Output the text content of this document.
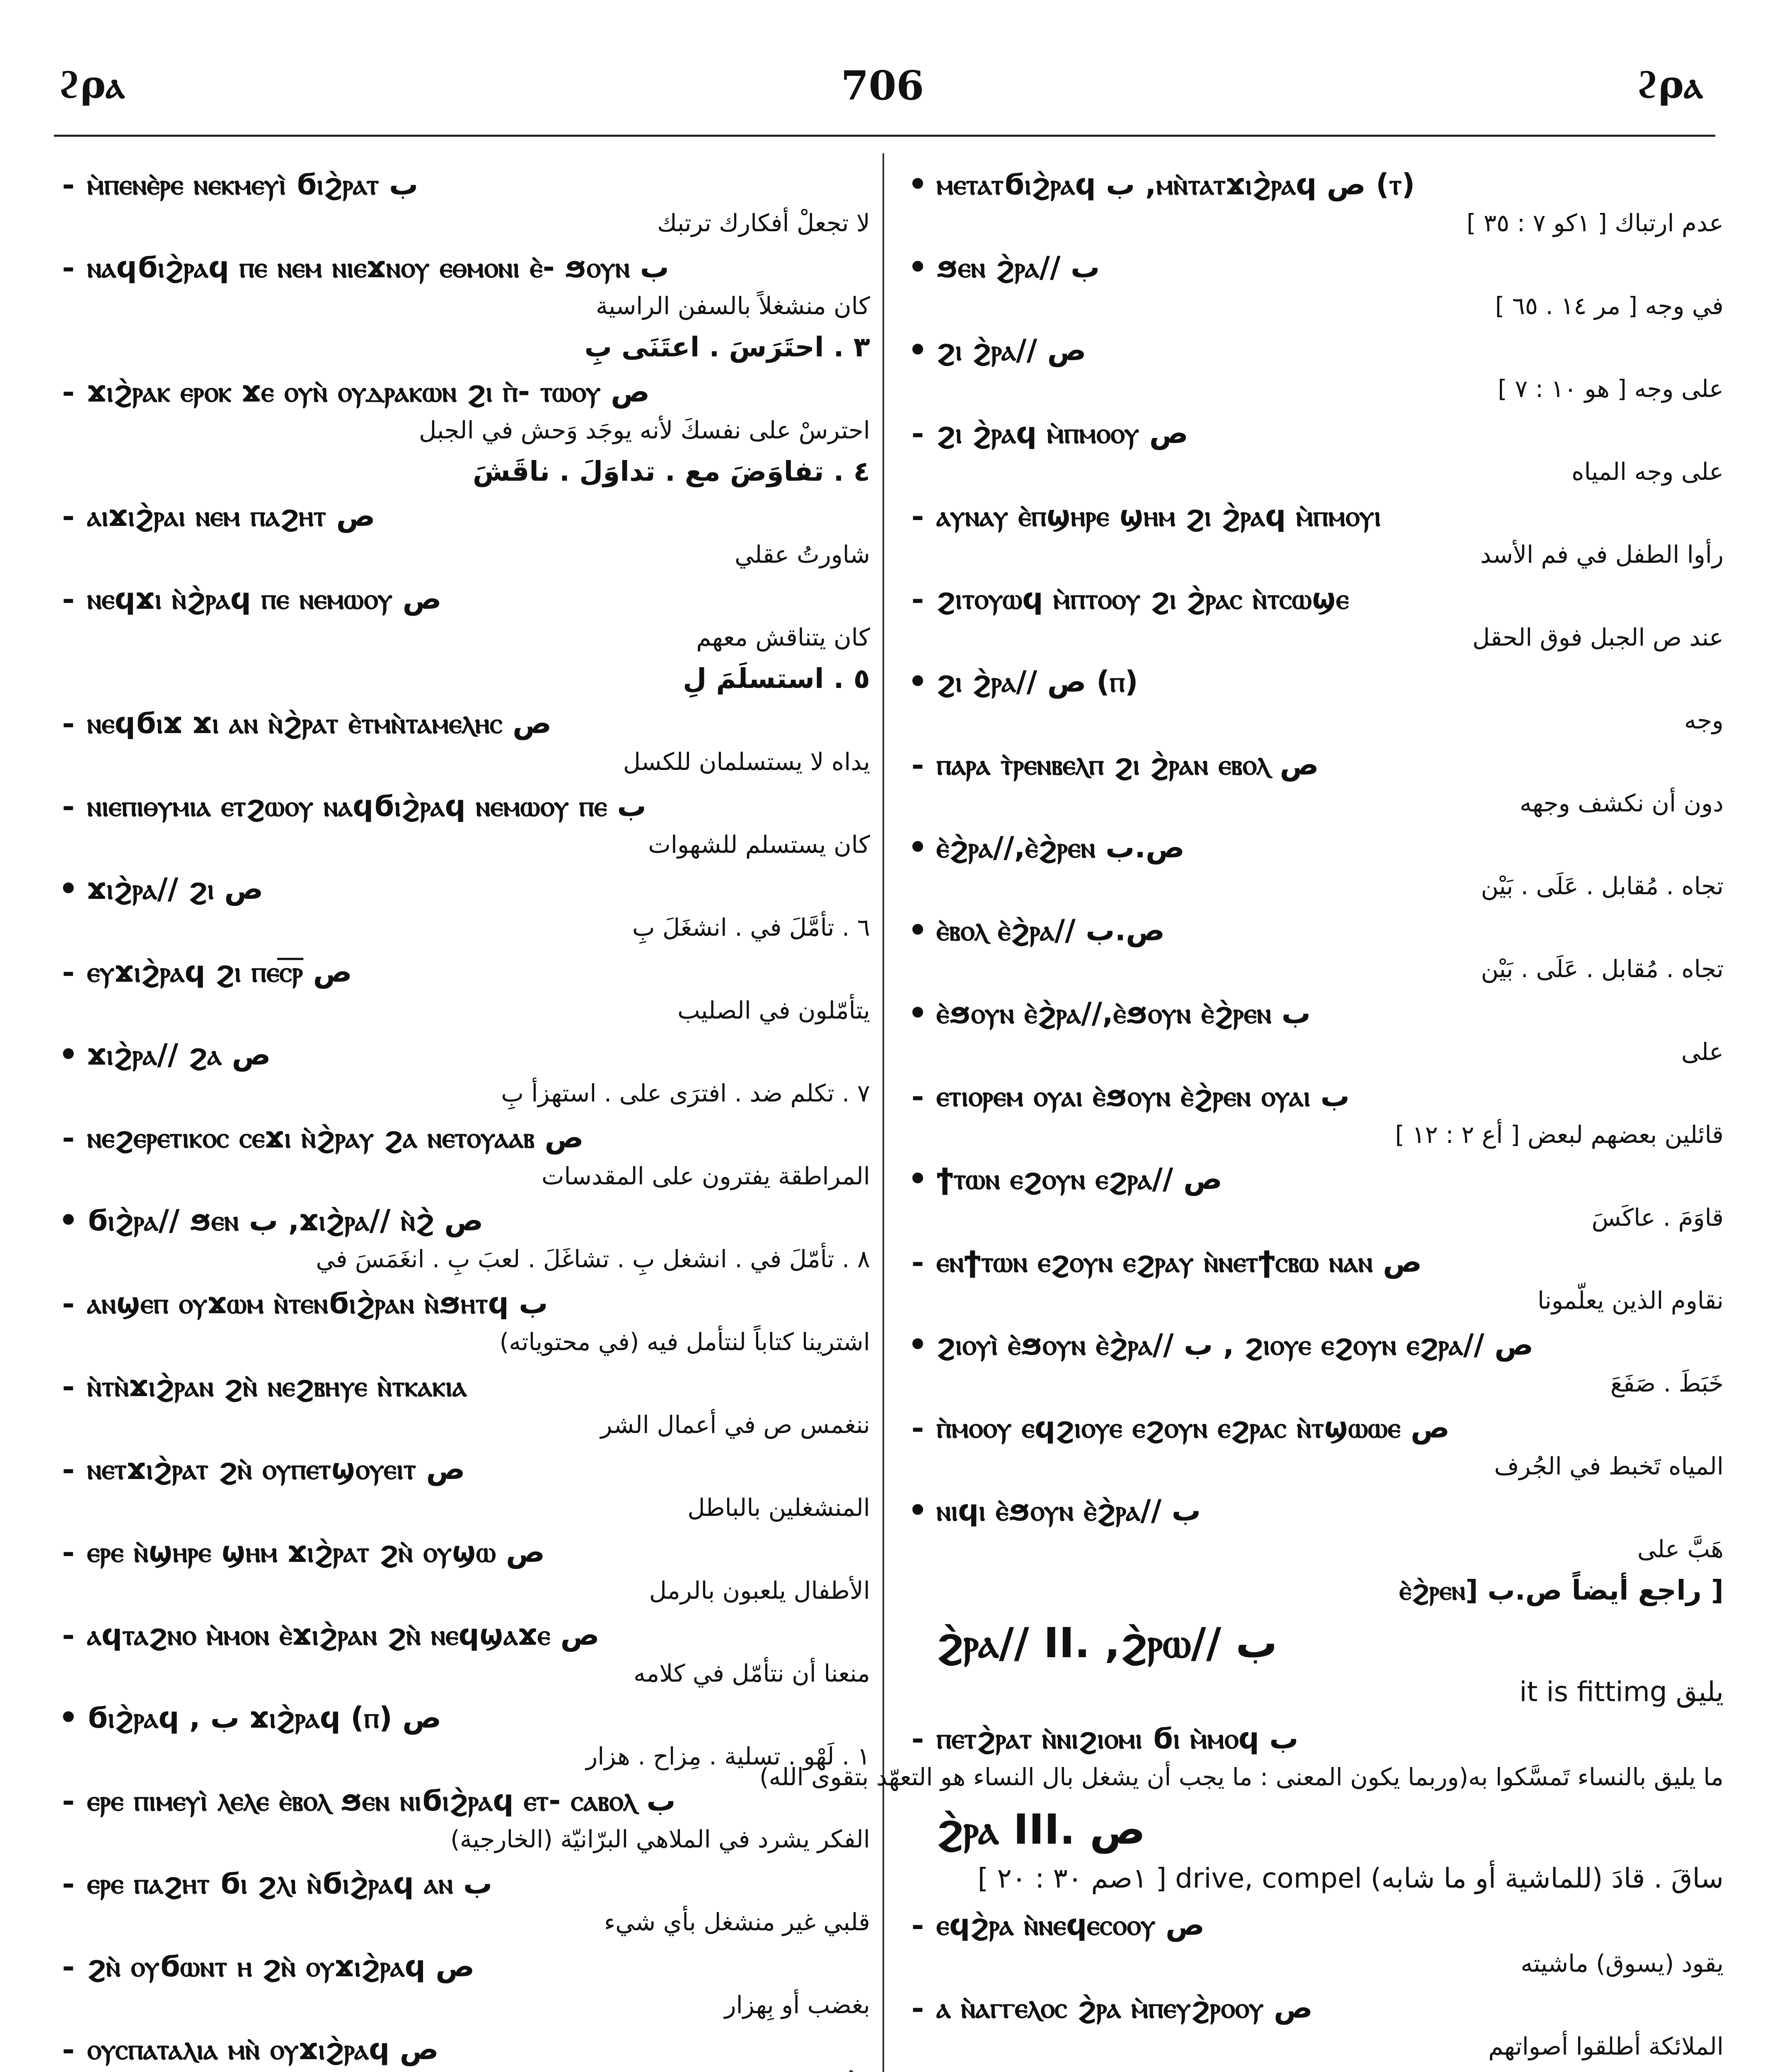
ϩρⲁ	706	ϩρⲁ
- ⲙ̀ⲡⲉⲛⲉ̀ⲣⲉ ⲛⲉⲕⲙⲉⲩⲓ̀ ϭⲓϩ̀ⲣⲁⲧ ب
لا تجعلْ أفكارك ترتبك
- ⲛⲁϥϭⲓϩ̀ⲣⲁϥ ⲡⲉ ⲛⲉⲙ ⲛⲓⲉϫⲛⲟⲩ ⲉⲑⲙⲟⲛⲓ ⲉ̀- ϧⲟⲩⲛ ب
كان منشغلاً بالسفن الراسية
٣ . احتَرَسَ . اعتَنَى بِ
- ϫⲓϩ̀ⲣⲁⲕ ⲉⲣⲟⲕ ϫⲉ ⲟⲩⲛ̀ ⲟⲩⲇⲣⲁⲕⲱⲛ ϩⲓ ⲡ̀- ⲧⲱⲟⲩ ص
احترسْ على نفسكَ لأنه يوجَد وَحش في الجبل
٤ . تفاوَضَ مع . تداوَلَ . ناقَشَ
- ⲁⲓϫⲓϩ̀ⲣⲁⲓ ⲛⲉⲙ ⲡⲁϩⲏⲧ ص
شاورتُ عقلي
- ⲛⲉϥϫⲓ ⲛ̀ϩ̀ⲣⲁϥ ⲡⲉ ⲛⲉⲙⲱⲟⲩ ص
كان يتناقش معهم
٥ . استسلَمَ لِ
- ⲛⲉϥϭⲓϫ ϫⲓ ⲁⲛ ⲛ̀ϩ̀ⲣⲁⲧ ⲉ̀ⲧⲙⲛ̀ⲧⲁⲙⲉⲗⲏⲥ ص
يداه لا يستسلمان للكسل
- ⲛⲓⲉⲡⲓⲑⲩⲙⲓⲁ ⲉⲧϩⲱⲟⲩ ⲛⲁϥϭⲓϩ̀ⲣⲁϥ ⲛⲉⲙⲱⲟⲩ ⲡⲉ ب
كان يستسلم للشهوات
• ϫⲓϩ̀ⲣⲁ// ϩⲓ ص
٦ . تأمَّلَ في . انشغَلَ بِ
- ⲉⲩϫⲓϩ̀ⲣⲁϥ ϩⲓ ⲡⲉⲥ̅ⲣ̅ ص
يتأمّلون في الصليب
• ϫⲓϩ̀ⲣⲁ// ϩⲁ ص
٧ . تكلم ضد . افترَى على . استهزأ بِ
- ⲛⲉϩⲉⲣⲉⲧⲓⲕⲟⲥ ⲥⲉϫⲓ ⲛ̀ϩ̀ⲣⲁⲩ ϩⲁ ⲛⲉⲧⲟⲩⲁⲁⲃ ص
المراطقة يفترون على المقدسات
• ϭⲓϩ̀ⲣⲁ// ϧⲉⲛ ب ,ϫⲓϩ̀ⲣⲁ// ⲛ̀ϩ̀ ص
٨ . تأمّلَ في . انشغل بِ . تشاغَلَ . لعبَ بِ . انغَمَسَ في
- ⲁⲛϣⲉⲡ ⲟⲩϫⲱⲙ ⲛ̀ⲧⲉⲛϭⲓϩ̀ⲣⲁⲛ ⲛ̀ϧⲏⲧϥ ب
اشترينا كتاباً لنتأمل فيه (في محتوياته)
- ⲛ̀ⲧⲛ̀ϫⲓϩ̀ⲣⲁⲛ ϩⲛ̀ ⲛⲉϩⲃⲏⲩⲉ ⲛ̀ⲧⲕⲁⲕⲓⲁ
ننغمس ص في أعمال الشر
- ⲛⲉⲧϫⲓϩ̀ⲣⲁⲧ ϩⲛ̀ ⲟⲩⲡⲉⲧϣⲟⲩⲉⲓⲧ ص
المنشغلين بالباطل
- ⲉⲣⲉ ⲛ̀ϣⲏⲣⲉ ϣⲏⲙ ϫⲓϩ̀ⲣⲁⲧ ϩⲛ̀ ⲟⲩϣⲱ ص
الأطفال يلعبون بالرمل
- ⲁϥⲧⲁϩⲛⲟ ⲙ̀ⲙⲟⲛ ⲉ̀ϫⲓϩ̀ⲣⲁⲛ ϩⲛ̀ ⲛⲉϥϣⲁϫⲉ ص
منعنا أن نتأمّل في كلامه
• ϭⲓϩ̀ⲣⲁϥ , ب ϫⲓϩ̀ⲣⲁϥ (ⲡ) ص
١ . لَهْو . تسلية . مِزاح . هزار
- ⲉⲣⲉ ⲡⲓⲙⲉⲩⲓ̀ ⲗⲉⲗⲉ ⲉ̀ⲃⲟⲗ ϧⲉⲛ ⲛⲓϭⲓϩ̀ⲣⲁϥ ⲉⲧ- ⲥⲁⲃⲟⲗ ب
الفكر يشرد في الملاهي البرّانيّة (الخارجية)
- ⲉⲣⲉ ⲡⲁϩⲏⲧ ϭⲓ ϩⲗⲓ ⲛ̀ϭⲓϩ̀ⲣⲁϥ ⲁⲛ ب
قلبي غير منشغل بأي شيء
- ϩⲛ̀ ⲟⲩϭⲱⲛⲧ ⲏ ϩⲛ̀ ⲟⲩϫⲓϩ̀ⲣⲁϥ ص
بغضب أو بِهزار
- ⲟⲩⲥⲡⲁⲧⲁⲗⲓⲁ ⲙⲛ̀ ⲟⲩϫⲓϩ̀ⲣⲁϥ ص
• ⲙⲉⲧⲁⲧϭⲓϩ̀ⲣⲁϥ ب ,ⲙⲛ̀ⲧⲁⲧϫⲓϩ̀ⲣⲁϥ ص (ⲧ)
عدم ارتباك [ ١كو ٧ : ٣٥ ]
• ϧⲉⲛ ϩ̀ⲣⲁ// ب
في وجه [ مر ١٤ . ٦٥ ]
• ϩⲓ ϩ̀ⲣⲁ// ص
على وجه [ هو ١٠ : ٧ ]
- ϩⲓ ϩ̀ⲣⲁϥ ⲙ̀ⲡⲙⲟⲟⲩ ص
على وجه المياه
- ⲁⲩⲛⲁⲩ ⲉ̀ⲡϣⲏⲣⲉ ϣⲏⲙ ϩⲓ ϩ̀ⲣⲁϥ ⲙ̀ⲡⲙⲟⲩⲓ
رأوا الطفل في فم الأسد
- ϩⲓⲧⲟⲩⲱϥ ⲙ̀ⲡⲧⲟⲟⲩ ϩⲓ ϩ̀ⲣⲁⲥ ⲛ̀ⲧⲥⲱϣⲉ
عند ص الجبل فوق الحقل
• ϩⲓ ϩ̀ⲣⲁ// ص (ⲡ)
وجه
- ⲡⲁⲣⲁ ⲧ̀ⲣⲉⲛⲃⲉⲗⲡ ϩⲓ ϩ̀ⲣⲁⲛ ⲉⲃⲟⲗ ص
دون أن نكشف وجهه
• ⲉ̀ϩ̀ⲣⲁ//,ⲉ̀ϩ̀ⲣⲉⲛ ص.ب
تجاه . مُقابل . عَلَى . بَيْن
• ⲉ̀ⲃⲟⲗ ⲉ̀ϩ̀ⲣⲁ// ص.ب
تجاه . مُقابل . عَلَى . بَيْن
• ⲉ̀ϧⲟⲩⲛ ⲉ̀ϩ̀ⲣⲁ//,ⲉ̀ϧⲟⲩⲛ ⲉ̀ϩ̀ⲣⲉⲛ ب
على
- ⲉⲧⲓⲟⲣⲉⲙ ⲟⲩⲁⲓ ⲉ̀ϧⲟⲩⲛ ⲉ̀ϩ̀ⲣⲉⲛ ⲟⲩⲁⲓ ب
قائلين بعضهم لبعض [ أع ٢ : ١٢ ]
• ϯⲧⲱⲛ ⲉϩⲟⲩⲛ ⲉϩⲣⲁ// ص
قاوَمَ . عاكَسَ
- ⲉⲛϯⲧⲱⲛ ⲉϩⲟⲩⲛ ⲉϩⲣⲁⲩ ⲛ̀ⲛⲉⲧϯⲥⲃⲱ ⲛⲁⲛ ص
نقاوم الذين يعلّمونا
• ϩⲓⲟⲩⲓ̀ ⲉ̀ϧⲟⲩⲛ ⲉ̀ϩ̀ⲣⲁ// ب , ϩⲓⲟⲩⲉ ⲉϩⲟⲩⲛ ⲉϩⲣⲁ// ص
خَبَطَ . صَفَعَ
- ⲡ̀ⲙⲟⲟⲩ ⲉϥϩⲓⲟⲩⲉ ⲉϩⲟⲩⲛ ⲉϩⲣⲁⲥ ⲛ̀ⲧϣⲱⲱⲉ ص
المياه تَخبط في الجُرف
• ⲛⲓϥⲓ ⲉ̀ϧⲟⲩⲛ ⲉ̀ϩ̀ⲣⲁ// ب
هَبَّ على
[ راجع أيضاً ص.ب [ⲉ̀ϩ̀ⲣⲉⲛ
ϩ̀ⲣⲁ// II. ,ϩ̀ⲣⲱ// ب
يليق it is fittimg
- ⲡⲉⲧϩ̀ⲣⲁⲧ ⲛ̀ⲛⲓϩⲓⲟⲙⲓ ϭⲓ ⲙ̀ⲙⲟϥ ب
ما يليق بالنساء تَمسَّكوا به(وربما يكون المعنى : ما يجب أن يشغل بال النساء هو التعهّد بتقوى الله)
ϩ̀ⲣⲁ III. ص
ساقَ . قادَ (للماشية أو ما شابه) drive, compel [ ١صم ٣٠ : ٢٠ ]
- ⲉϥϩ̀ⲣⲁ ⲛ̀ⲛⲉϥⲉⲥⲟⲟⲩ ص
يقود (يسوق) ماشيته
- ⲁ ⲛ̀ⲁⲅⲅⲉⲗⲟⲥ ϩ̀ⲣⲁ ⲙ̀ⲡⲉⲩϩ̀ⲣⲟⲟⲩ ص
الملائكة أطلقوا أصواتهم
